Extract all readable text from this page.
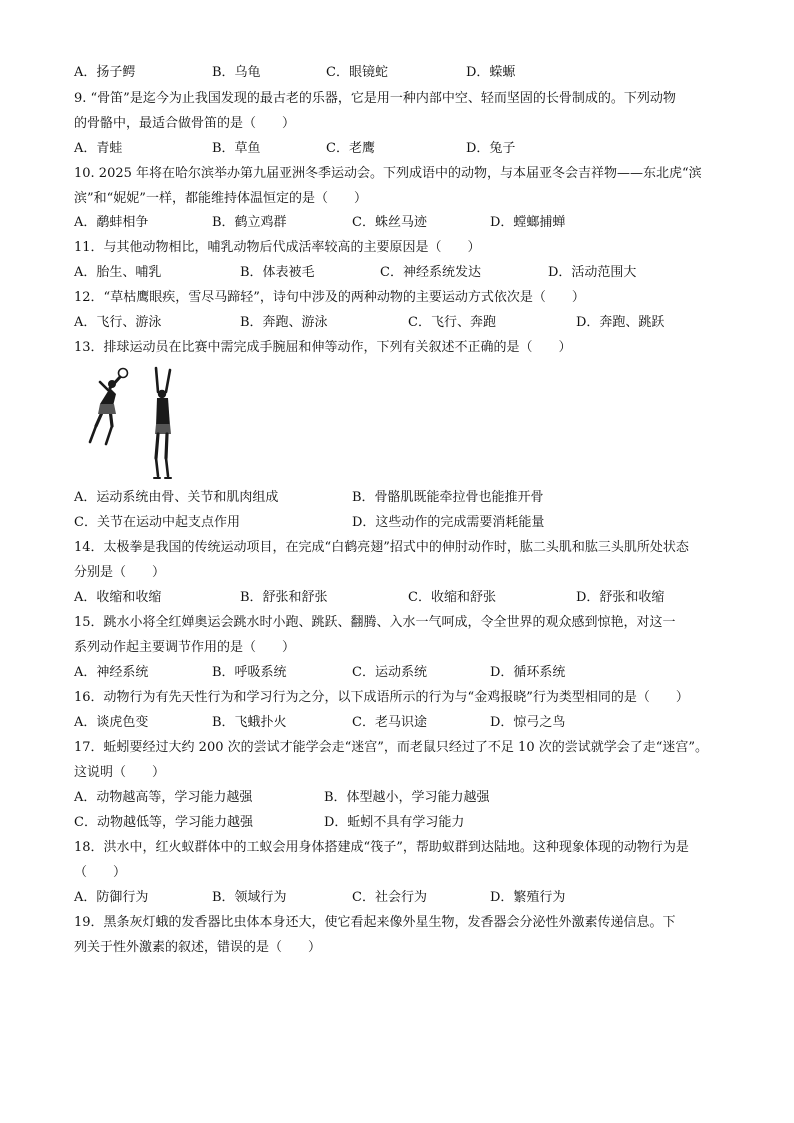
A．扬子鳄	B．乌龟	C．眼镜蛇	D．蝾螈
9. “骨笛”是迄今为止我国发现的最古老的乐器，它是用一种内部中空、轻而坚固的长骨制成的。下列动物
的骨骼中，最适合做骨笛的是（　　）
A．青蛙	B．草鱼	C．老鹰	D．兔子
10. 2025 年将在哈尔滨举办第九届亚洲冬季运动会。下列成语中的动物，与本届亚冬会吉祥物——东北虎“滨
滨”和“妮妮”一样，都能维持体温恒定的是（　　）
A．鹬蚌相争	B．鹤立鸡群	C．蛛丝马迹	D．螳螂捕蝉
11．与其他动物相比，哺乳动物后代成活率较高的主要原因是（　　）
A．胎生、哺乳	B．体表被毛	C．神经系统发达	D．活动范围大
12．“草枯鹰眼疾，雪尽马蹄轻”，诗句中涉及的两种动物的主要运动方式依次是（　　）
A．飞行、游泳	B．奔跑、游泳	C．飞行、奔跑	D．奔跑、跳跃
13．排球运动员在比赛中需完成手腕屈和伸等动作，下列有关叙述不正确的是（　　）
A．运动系统由骨、关节和肌肉组成	B．骨骼肌既能牵拉骨也能推开骨
C．关节在运动中起支点作用	D．这些动作的完成需要消耗能量
14．太极拳是我国的传统运动项目，在完成“白鹤亮翅”招式中的伸肘动作时，肱二头肌和肱三头肌所处状态
分别是（　　）
A．收缩和收缩	B．舒张和舒张	C．收缩和舒张	D．舒张和收缩
15．跳水小将全红婵奥运会跳水时小跑、跳跃、翻腾、入水一气呵成，令全世界的观众感到惊艳，对这一
系列动作起主要调节作用的是（　　）
A．神经系统	B．呼吸系统	C．运动系统	D．循环系统
16．动物行为有先天性行为和学习行为之分，以下成语所示的行为与“金鸡报晓”行为类型相同的是（　　）
A．谈虎色变	B．飞蛾扑火	C．老马识途	D．惊弓之鸟
17．蚯蚓要经过大约 200 次的尝试才能学会走“迷宫”，而老鼠只经过了不足 10 次的尝试就学会了走“迷宫”。
这说明（　　）
A．动物越高等，学习能力越强	B．体型越小，学习能力越强
C．动物越低等，学习能力越强	D．蚯蚓不具有学习能力
18．洪水中，红火蚁群体中的工蚁会用身体搭建成“筏子”，帮助蚁群到达陆地。这种现象体现的动物行为是
（　　）
A．防御行为	B．领域行为	C．社会行为	D．繁殖行为
19．黑条灰灯蛾的发香器比虫体本身还大，使它看起来像外星生物，发香器会分泌性外激素传递信息。下
列关于性外激素的叙述，错误的是（　　）
